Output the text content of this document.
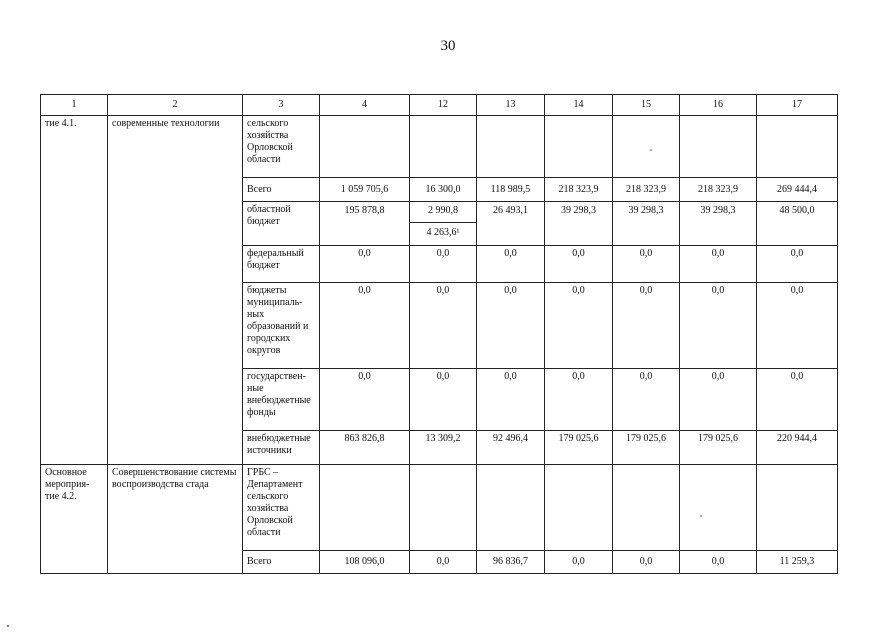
30
1	2	3	4	12	13	14	15	16	17
тие 4.1.	современные технологии	сельского хозяйства Орловской области							
		Всего	1 059 705,6	16 300,0	118 989,5	218 323,9	218 323,9	218 323,9	269 444,4
		областной бюджет	195 878,8	2 990,8	26 493,1	39 298,3	39 298,3	39 298,3	48 500,0
				4 263,6¹					
		федеральный бюджет	0,0	0,0	0,0	0,0	0,0	0,0	0,0
		бюджеты муниципаль-ных образований и городских округов	0,0	0,0	0,0	0,0	0,0	0,0	0,0
		государствен-ные внебюджетные фонды	0,0	0,0	0,0	0,0	0,0	0,0	0,0
		внебюджетные источники	863 826,8	13 309,2	92 496,4	179 025,6	179 025,6	179 025,6	220 944,4
Основное мероприя-тие 4.2.	Совершенствование системы воспроизводства стада	ГРБС – Департамент сельского хозяйства Орловской области							
		Всего	108 096,0	0,0	96 836,7	0,0	0,0	0,0	11 259,3
